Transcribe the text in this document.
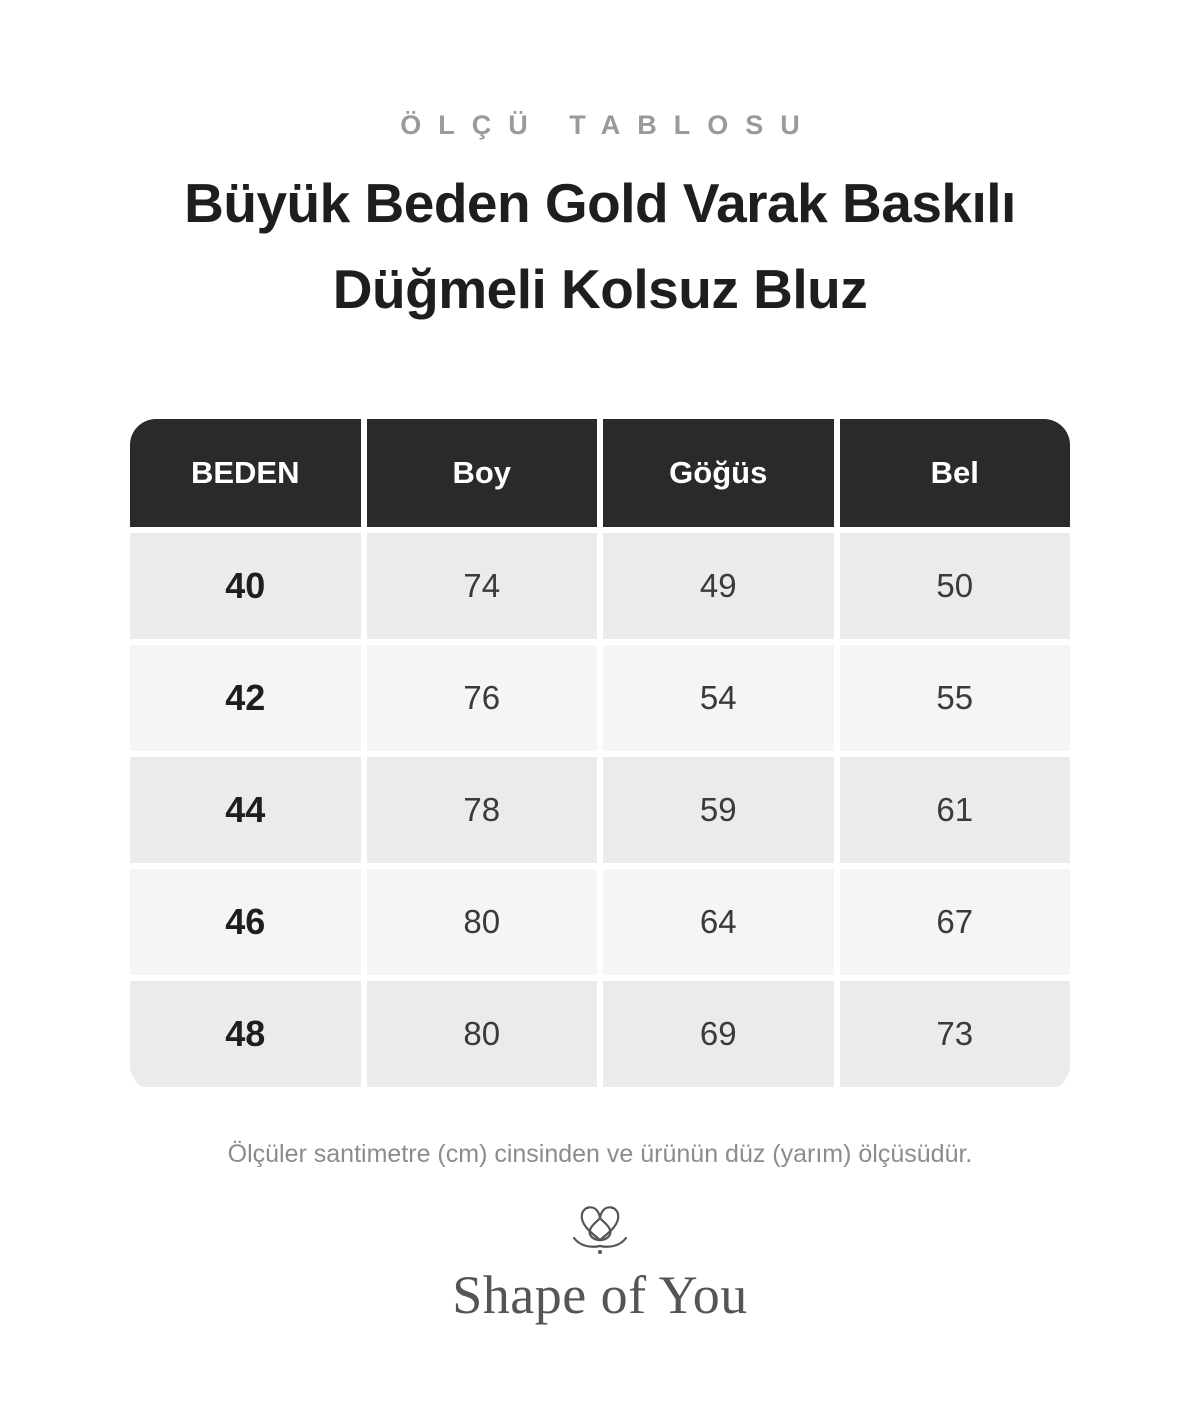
ÖLÇÜ TABLOSU
Büyük Beden Gold Varak Baskılı
Düğmeli Kolsuz Bluz
BEDEN	Boy	Göğüs	Bel
40	74	49	50
42	76	54	55
44	78	59	61
46	80	64	67
48	80	69	73
Ölçüler santimetre (cm) cinsinden ve ürünün düz (yarım) ölçüsüdür.
Shape of You
